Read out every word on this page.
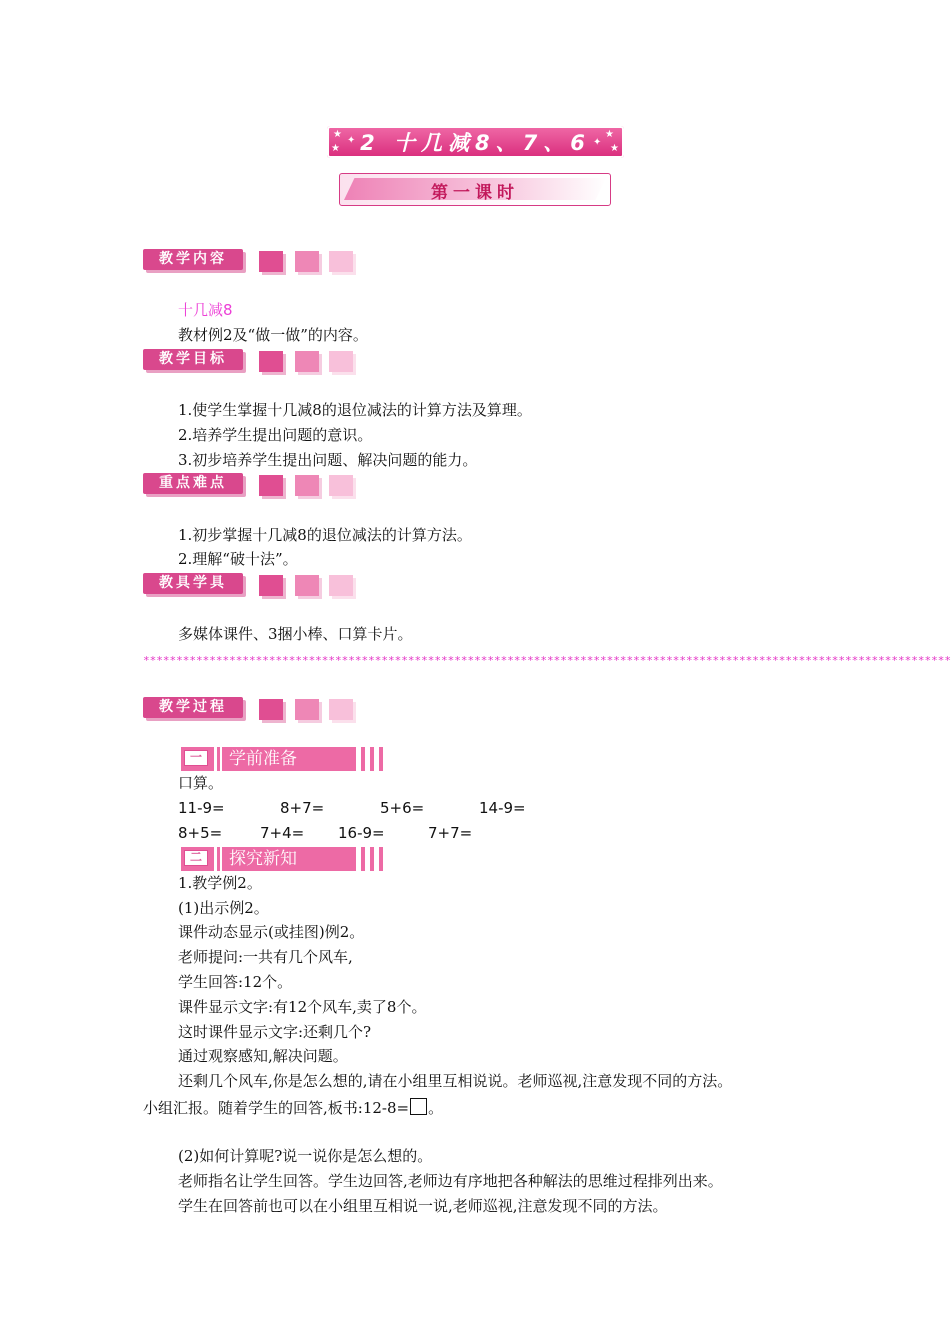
★
★
✦
★
★
✦
2 十几减8、7、6
第一课时
教学内容
十几减8
教材例2及“做一做”的内容。
教学目标
1.使学生掌握十几减8的退位减法的计算方法及算理。
2.培养学生提出问题的意识。
3.初步培养学生提出问题、解决问题的能力。
重点难点
1.初步掌握十几减8的退位减法的计算方法。
2.理解“破十法”。
教具学具
多媒体课件、3捆小棒、口算卡片。
**************************************************************************************************************************
教学过程
一	学前准备
口算。
11-9=	8+7=	5+6=	14-9=
8+5=	7+4= 16-9=	7+7=
二	探究新知
1.教学例2。
(1)出示例2。
课件动态显示(或挂图)例2。
老师提问:一共有几个风车,
学生回答:12个。
课件显示文字:有12个风车,卖了8个。
这时课件显示文字:还剩几个?
通过观察感知,解决问题。
还剩几个风车,你是怎么想的,请在小组里互相说说。老师巡视,注意发现不同的方法。
小组汇报。随着学生的回答,板书:12-8= 。
(2)如何计算呢?说一说你是怎么想的。
老师指名让学生回答。学生边回答,老师边有序地把各种解法的思维过程排列出来。
学生在回答前也可以在小组里互相说一说,老师巡视,注意发现不同的方法。
